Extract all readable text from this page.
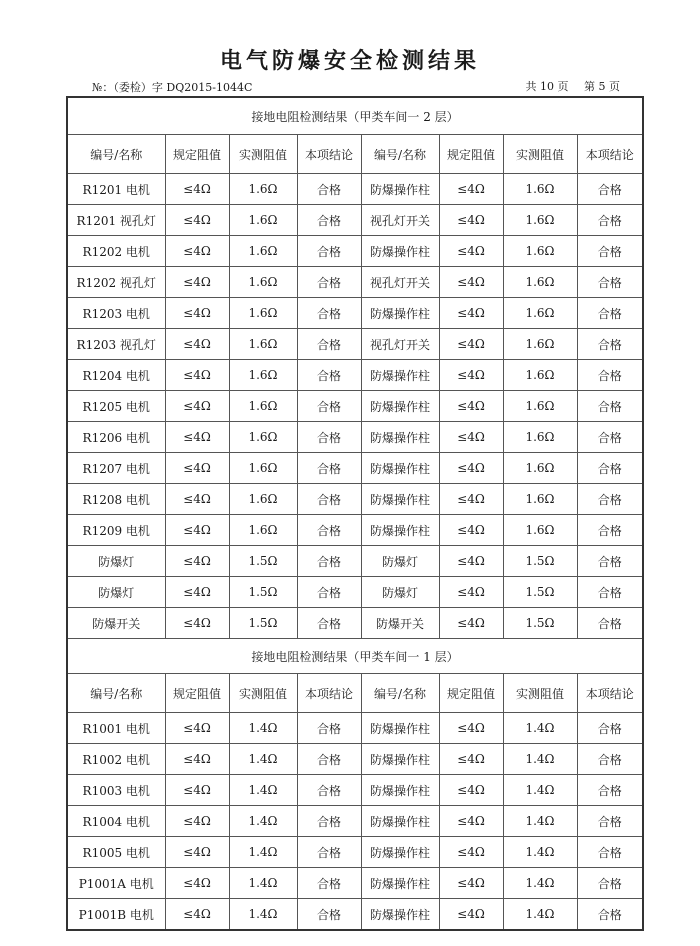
电气防爆安全检测结果
№：（委检）字 DQ2015-1044C	共 10 页 第 5 页
接地电阻检测结果（甲类车间一 2 层）							
编号/名称	规定阻值	实测阻值	本项结论	编号/名称	规定阻值	实测阻值	本项结论
R1201 电机	≤4Ω	1.6Ω	合格	防爆操作柱	≤4Ω	1.6Ω	合格
R1201 视孔灯	≤4Ω	1.6Ω	合格	视孔灯开关	≤4Ω	1.6Ω	合格
R1202 电机	≤4Ω	1.6Ω	合格	防爆操作柱	≤4Ω	1.6Ω	合格
R1202 视孔灯	≤4Ω	1.6Ω	合格	视孔灯开关	≤4Ω	1.6Ω	合格
R1203 电机	≤4Ω	1.6Ω	合格	防爆操作柱	≤4Ω	1.6Ω	合格
R1203 视孔灯	≤4Ω	1.6Ω	合格	视孔灯开关	≤4Ω	1.6Ω	合格
R1204 电机	≤4Ω	1.6Ω	合格	防爆操作柱	≤4Ω	1.6Ω	合格
R1205 电机	≤4Ω	1.6Ω	合格	防爆操作柱	≤4Ω	1.6Ω	合格
R1206 电机	≤4Ω	1.6Ω	合格	防爆操作柱	≤4Ω	1.6Ω	合格
R1207 电机	≤4Ω	1.6Ω	合格	防爆操作柱	≤4Ω	1.6Ω	合格
R1208 电机	≤4Ω	1.6Ω	合格	防爆操作柱	≤4Ω	1.6Ω	合格
R1209 电机	≤4Ω	1.6Ω	合格	防爆操作柱	≤4Ω	1.6Ω	合格
防爆灯	≤4Ω	1.5Ω	合格	防爆灯	≤4Ω	1.5Ω	合格
防爆灯	≤4Ω	1.5Ω	合格	防爆灯	≤4Ω	1.5Ω	合格
防爆开关	≤4Ω	1.5Ω	合格	防爆开关	≤4Ω	1.5Ω	合格
接地电阻检测结果（甲类车间一 1 层）							
编号/名称	规定阻值	实测阻值	本项结论	编号/名称	规定阻值	实测阻值	本项结论
R1001 电机	≤4Ω	1.4Ω	合格	防爆操作柱	≤4Ω	1.4Ω	合格
R1002 电机	≤4Ω	1.4Ω	合格	防爆操作柱	≤4Ω	1.4Ω	合格
R1003 电机	≤4Ω	1.4Ω	合格	防爆操作柱	≤4Ω	1.4Ω	合格
R1004 电机	≤4Ω	1.4Ω	合格	防爆操作柱	≤4Ω	1.4Ω	合格
R1005 电机	≤4Ω	1.4Ω	合格	防爆操作柱	≤4Ω	1.4Ω	合格
P1001A 电机	≤4Ω	1.4Ω	合格	防爆操作柱	≤4Ω	1.4Ω	合格
P1001B 电机	≤4Ω	1.4Ω	合格	防爆操作柱	≤4Ω	1.4Ω	合格
